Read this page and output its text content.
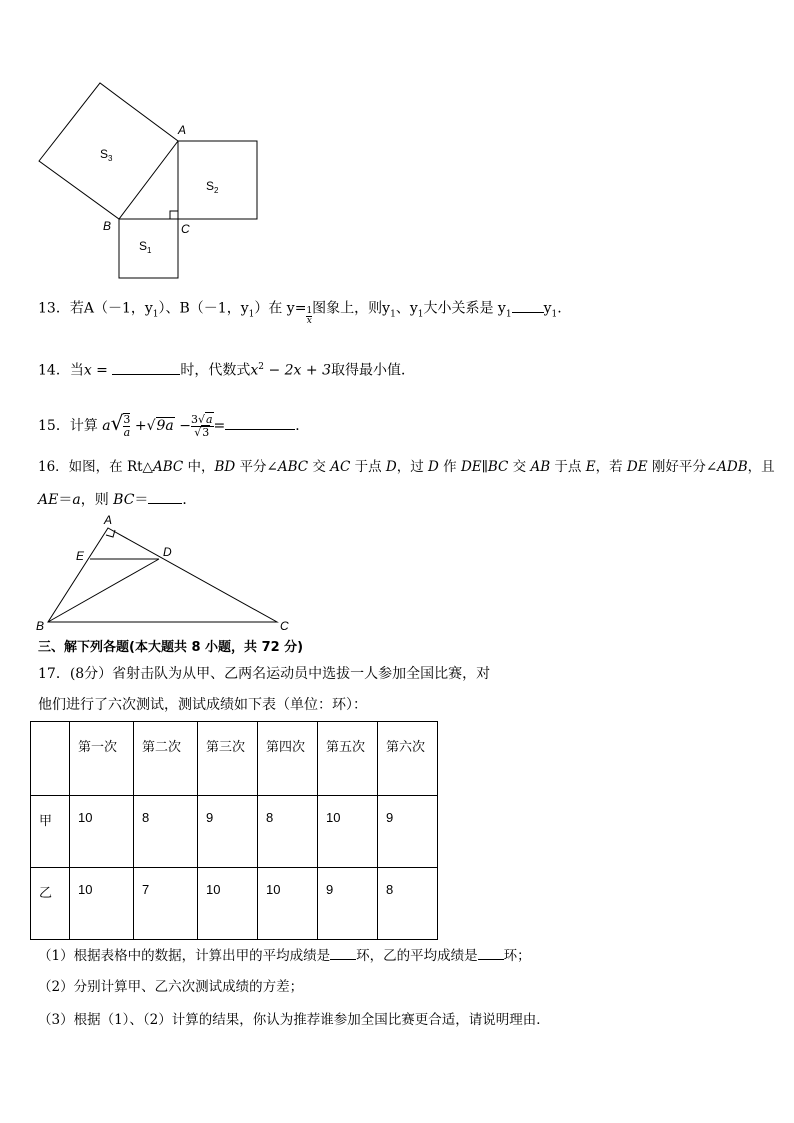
$S_3$
$S_2$
$S_1$
A
B	C
13．若A（－1，$y_1$）、B（－1，$y_1$）在 $y= \frac{1}{x}$ 图象上，则$y_1$、$y_1$大小关系是 $y_1$ $y_1$.
14．当x =	时，代数式$x^2 - 2x + 3$取得最小值．
15．计算 $a√ \frac{3}{a} +√9a - \frac{3√a}{√3}$ =	．
16．如图，在 Rt△ABC 中，BD 平分∠ABC 交 AC 于点 D，过 D 作 DE∥BC 交 AB 于点 E，若 DE 刚好平分∠ADB，且
AE＝a，则 BC＝ ．
A
E	D
B	C
三、解下列各题(本大题共 8 小题，共 72 分)
17．(8分）省射击队为从甲、乙两名运动员中选拔一人参加全国比赛，对
他们进行了六次测试，测试成绩如下表（单位：环）：
	第一次	第二次	第三次	第四次	第五次	第六次
甲	10	8	9	8	10	9
乙	10	7	10	10	9	8
（1）根据表格中的数据，计算出甲的平均成绩是 环，乙的平均成绩是 环；
（2）分别计算甲、乙六次测试成绩的方差；
（3）根据（1）、（2）计算的结果，你认为推荐谁参加全国比赛更合适，请说明理由．
